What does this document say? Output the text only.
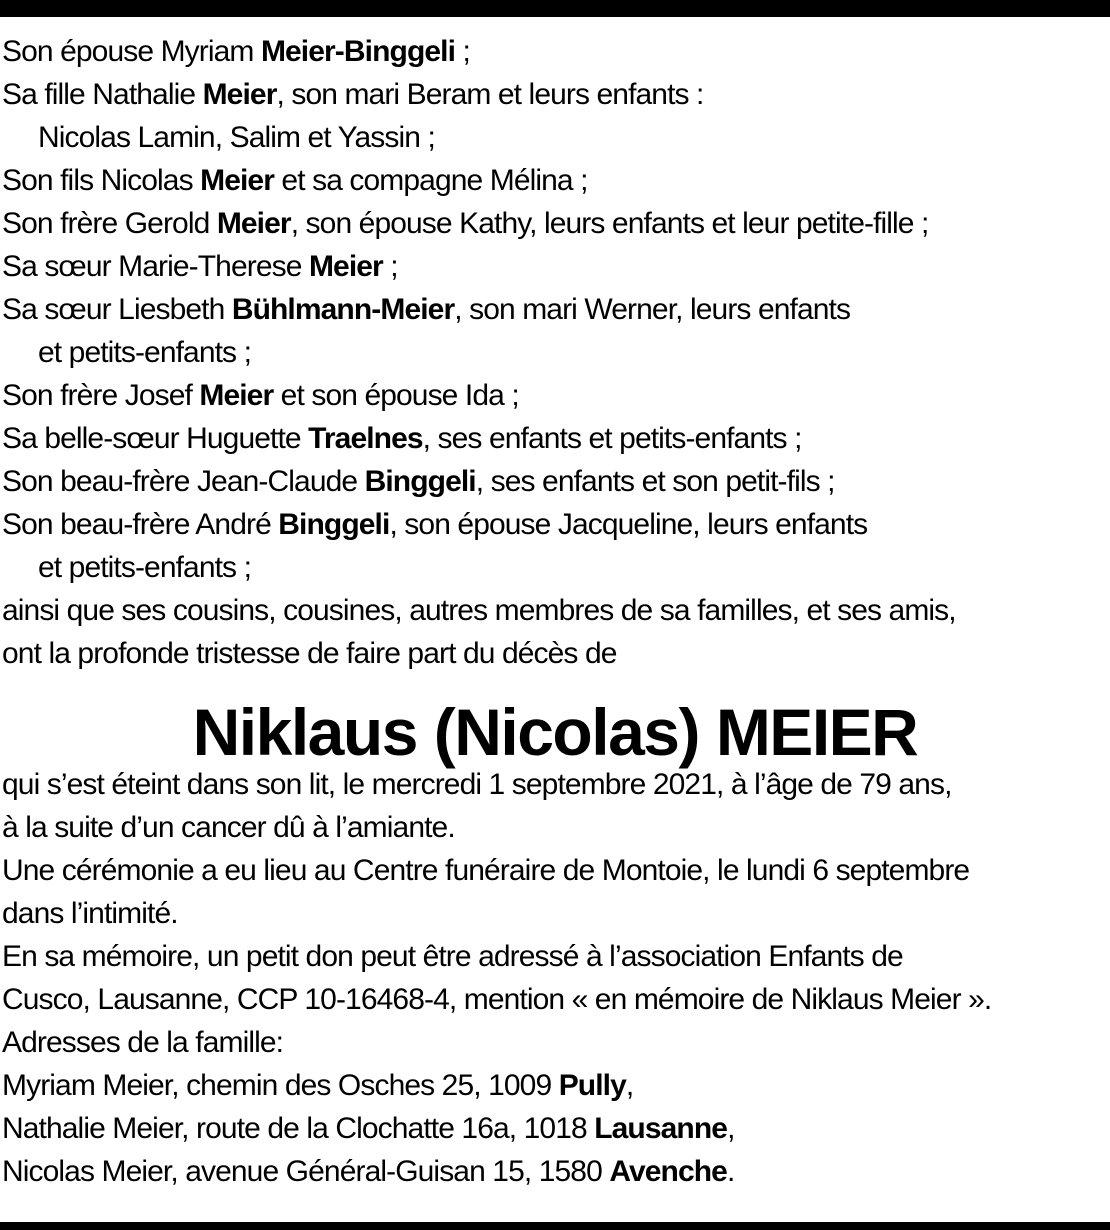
Son épouse Myriam Meier-Binggeli ;
Sa fille Nathalie Meier, son mari Beram et leurs enfants :
Nicolas Lamin, Salim et Yassin ;
Son fils Nicolas Meier et sa compagne Mélina ;
Son frère Gerold Meier, son épouse Kathy, leurs enfants et leur petite-fille ;
Sa sœur Marie-Therese Meier ;
Sa sœur Liesbeth Bühlmann-Meier, son mari Werner, leurs enfants
et petits-enfants ;
Son frère Josef Meier et son épouse Ida ;
Sa belle-sœur Huguette Traelnes, ses enfants et petits-enfants ;
Son beau-frère Jean-Claude Binggeli, ses enfants et son petit-fils ;
Son beau-frère André Binggeli, son épouse Jacqueline, leurs enfants
et petits-enfants ;
ainsi que ses cousins, cousines, autres membres de sa familles, et ses amis,
ont la profonde tristesse de faire part du décès de
Niklaus (Nicolas) MEIER
qui s’est éteint dans son lit, le mercredi 1 septembre 2021, à l’âge de 79 ans,
à la suite d’un cancer dû à l’amiante.
Une cérémonie a eu lieu au Centre funéraire de Montoie, le lundi 6 septembre
dans l’intimité.
En sa mémoire, un petit don peut être adressé à l’association Enfants de
Cusco, Lausanne, CCP 10-16468-4, mention « en mémoire de Niklaus Meier ».
Adresses de la famille:
Myriam Meier, chemin des Osches 25, 1009 Pully,
Nathalie Meier, route de la Clochatte 16a, 1018 Lausanne,
Nicolas Meier, avenue Général-Guisan 15, 1580 Avenche.
